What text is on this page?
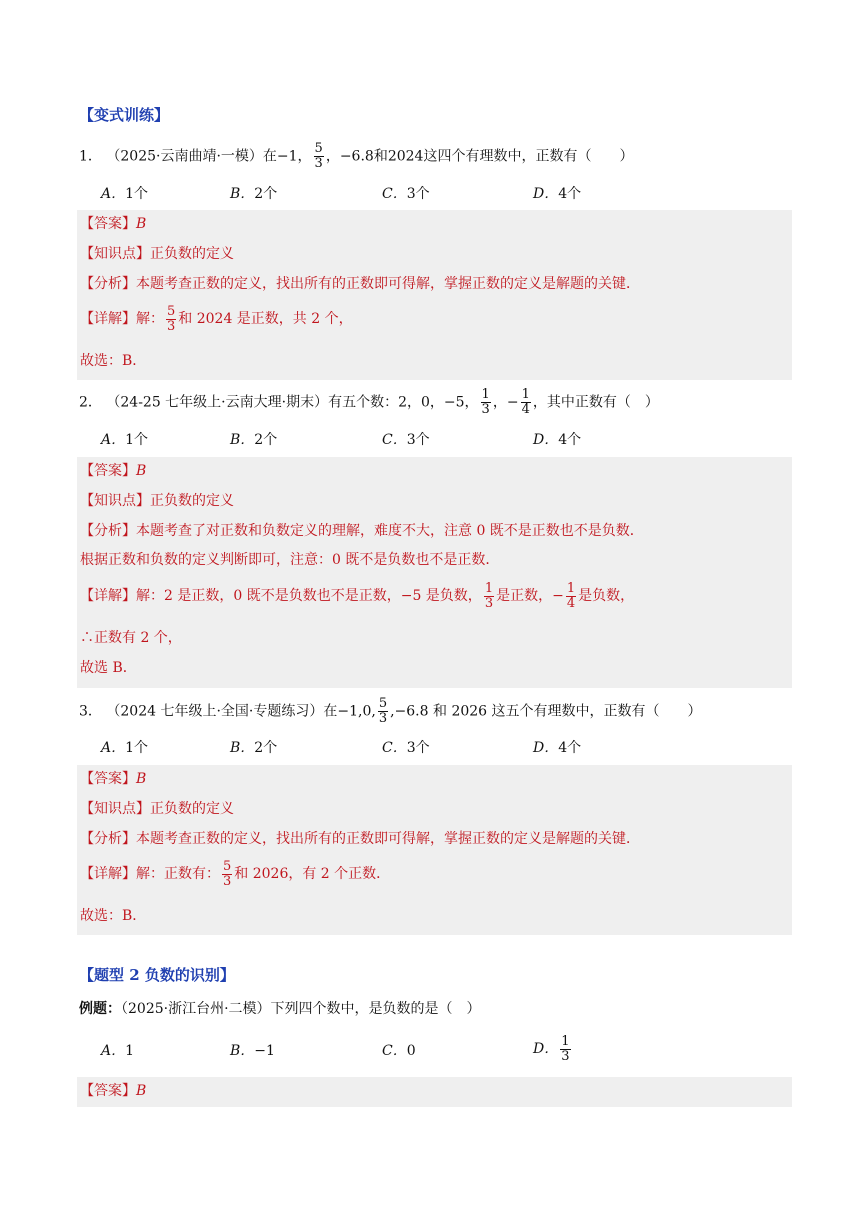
【变式训练】
1． （2025·云南曲靖·一模）在−1， $\frac{5}{3}$ ，−6.8和2024这四个有理数中，正数有（　　）
A．1个	B．2个	C．3个	D．4个
【答案】B
【知识点】正负数的定义
【分析】本题考查正数的定义，找出所有的正数即可得解，掌握正数的定义是解题的关键．
【详解】解： $\frac{5}{3}$ 和 2024 是正数，共 2 个，
故选：B．
2． （24-25 七年级上·云南大理·期末）有五个数：2，0，−5， $\frac{1}{3}$ ，− $\frac{1}{4}$ ，其中正数有（　）
A．1个	B．2个	C．3个	D．4个
【答案】B
【知识点】正负数的定义
【分析】本题考查了对正数和负数定义的理解，难度不大，注意 0 既不是正数也不是负数．
根据正数和负数的定义判断即可，注意：0 既不是负数也不是正数．
【详解】解：2 是正数，0 既不是负数也不是正数，−5 是负数， $\frac{1}{3}$ 是正数，− $\frac{1}{4}$ 是负数，
∴正数有 2 个，
故选 B．
3． （2024 七年级上·全国·专题练习）在−1,0, $\frac{5}{3} ,-6.8$ 和 2026 这五个有理数中，正数有（　　）
A．1个	B．2个	C．3个	D．4个
【答案】B
【知识点】正负数的定义
【分析】本题考查正数的定义，找出所有的正数即可得解，掌握正数的定义是解题的关键．
【详解】解：正数有： $\frac{5}{3}$ 和 2026，有 2 个正数．
故选：B．
【题型 2 负数的识别】
例题：（2025·浙江台州·二模）下列四个数中，是负数的是（　）
A．1	B．−1	C．0	D． $\frac{1}{3}$
【答案】B
